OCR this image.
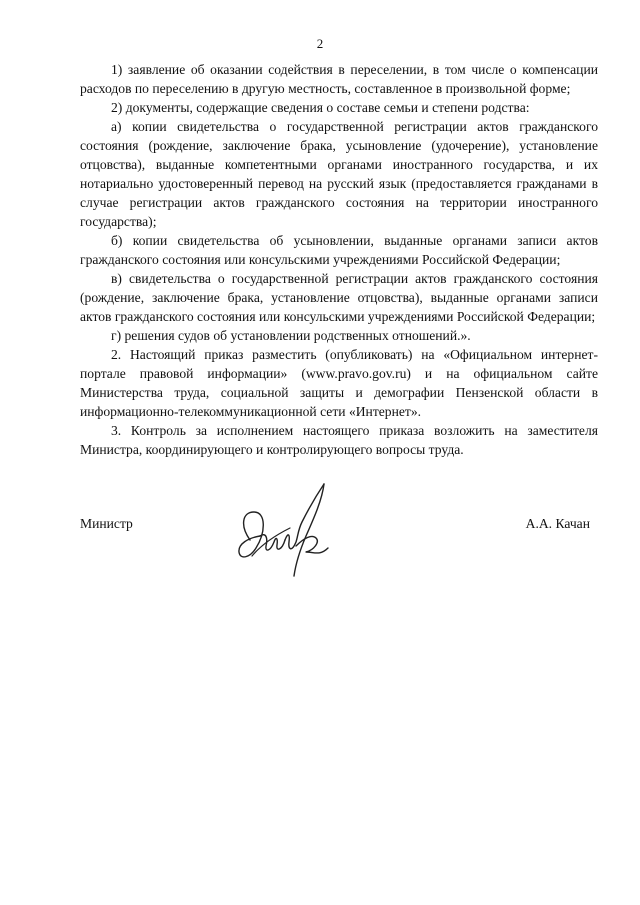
2

1) заявление об оказании содействия в переселении, в том числе о компенсации расходов по переселению в другую местность, составленное в произвольной форме;

2) документы, содержащие сведения о составе семьи и степени родства:

а) копии свидетельства о государственной регистрации актов гражданского состояния (рождение, заключение брака, усыновление (удочерение), установление отцовства), выданные компетентными органами иностранного государства, и их нотариально удостоверенный перевод на русский язык (предоставляется гражданами в случае регистрации актов гражданского состояния на территории иностранного государства);

б) копии свидетельства об усыновлении, выданные органами записи актов гражданского состояния или консульскими учреждениями Российской Федерации;

в) свидетельства о государственной регистрации актов гражданского состояния (рождение, заключение брака, установление отцовства), выданные органами записи актов гражданского состояния или консульскими учреждениями Российской Федерации;

г) решения судов об установлении родственных отношений.».

2. Настоящий приказ разместить (опубликовать) на «Официальном интернет-портале правовой информации» (www.pravo.gov.ru) и на официальном сайте Министерства труда, социальной защиты и демографии Пензенской области в информационно-телекоммуникационной сети «Интернет».

3. Контроль за исполнением настоящего приказа возложить на заместителя Министра, координирующего и контролирующего вопросы труда.

Министр	А.А. Качан
